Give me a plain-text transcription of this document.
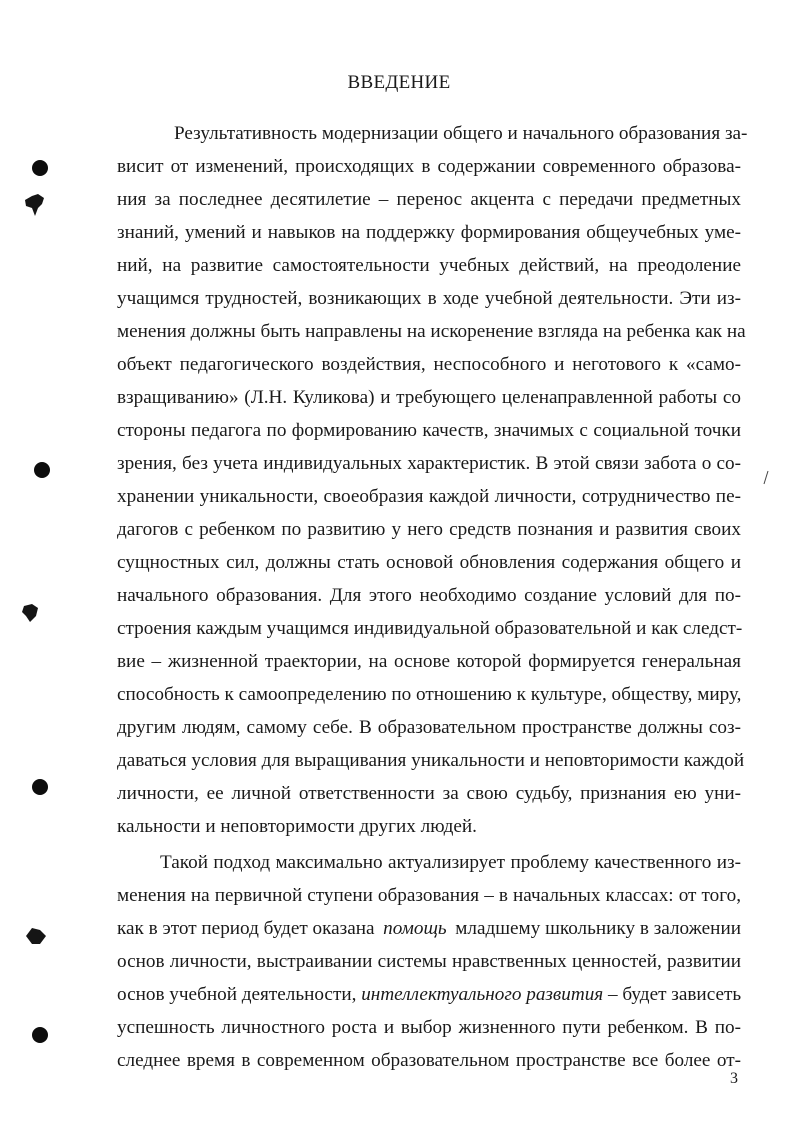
ВВЕДЕНИЕ
Результативность модернизации общего и начального образования за-
висит от изменений, происходящих в содержании современного образова-
ния за последнее десятилетие – перенос акцента с передачи предметных
знаний, умений и навыков на поддержку формирования общеучебных уме-
ний, на развитие самостоятельности учебных действий, на преодоление
учащимся трудностей, возникающих в ходе учебной деятельности. Эти из-
менения должны быть направлены на искоренение взгляда на ребенка как на
объект педагогического воздействия, неспособного и неготового к «само-
взращиванию» (Л.Н. Куликова) и требующего целенаправленной работы со
стороны педагога по формированию качеств, значимых с социальной точки
зрения, без учета индивидуальных характеристик. В этой связи забота о со-
хранении уникальности, своеобразия каждой личности, сотрудничество пе-
дагогов с ребенком по развитию у него средств познания и развития своих
сущностных сил, должны стать основой обновления содержания общего и
начального образования. Для этого необходимо создание условий для по-
строения каждым учащимся индивидуальной образовательной и как следст-
вие – жизненной траектории, на основе которой формируется генеральная
способность к самоопределению по отношению к культуре, обществу, миру,
другим людям, самому себе. В образовательном пространстве должны соз-
даваться условия для выращивания уникальности и неповторимости каждой
личности, ее личной ответственности за свою судьбу, признания ею уни-
кальности и неповторимости других людей.
Такой подход максимально актуализирует проблему качественного из-
менения на первичной ступени образования – в начальных классах: от того,
как в этот период будет оказана помощь младшему школьнику в заложении
основ личности, выстраивании системы нравственных ценностей, развитии
основ учебной деятельности, интеллектуального развития – будет зависеть
успешность личностного роста и выбор жизненного пути ребенком. В по-
следнее время в современном образовательном пространстве все более от-
3
